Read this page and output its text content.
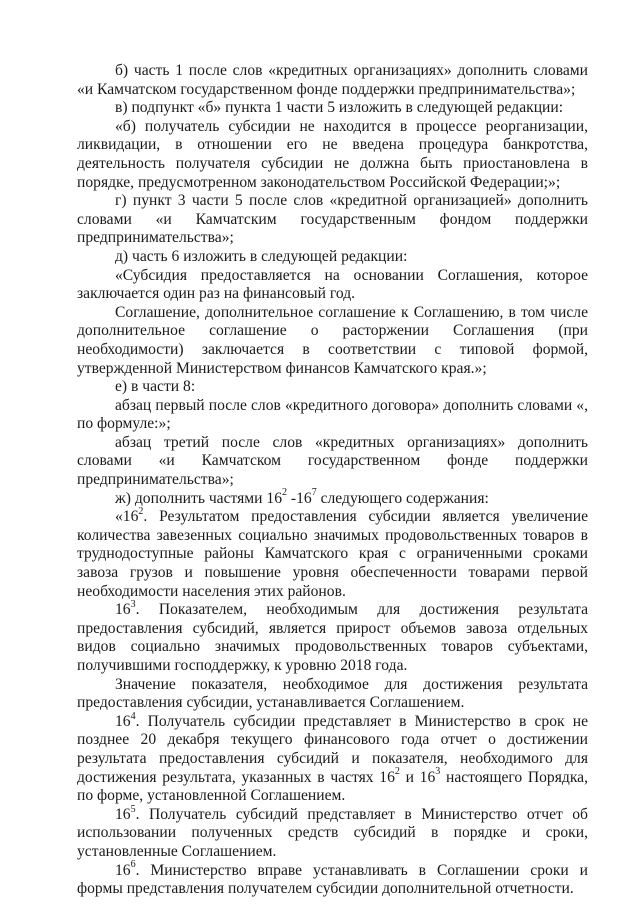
б) часть 1 после слов «кредитных организациях» дополнить словами «и Камчатском государственном фонде поддержки предпринимательства»;

в) подпункт «б» пункта 1 части 5 изложить в следующей редакции:

«б) получатель субсидии не находится в процессе реорганизации, ликвидации, в отношении его не введена процедура банкротства, деятельность получателя субсидии не должна быть приостановлена в порядке, предусмотренном законодательством Российской Федерации;»;

г) пункт 3 части 5 после слов «кредитной организацией» дополнить словами «и Камчатским государственным фондом поддержки предпринимательства»;

д) часть 6 изложить в следующей редакции:

«Субсидия предоставляется на основании Соглашения, которое заключается один раз на финансовый год.

Соглашение, дополнительное соглашение к Соглашению, в том числе дополнительное соглашение о расторжении Соглашения (при необходимости) заключается в соответствии с типовой формой, утвержденной Министерством финансов Камчатского края.»;

е) в части 8:

абзац первый после слов «кредитного договора» дополнить словами «, по формуле:»;

абзац третий после слов «кредитных организациях» дополнить словами «и Камчатском государственном фонде поддержки предпринимательства»;

ж) дополнить частями $16^2$ $-16^7$ следующего содержания:

«$16^2$. Результатом предоставления субсидии является увеличение количества завезенных социально значимых продовольственных товаров в труднодоступные районы Камчатского края с ограниченными сроками завоза грузов и повышение уровня обеспеченности товарами первой необходимости населения этих районов.

$16^3$. Показателем, необходимым для достижения результата предоставления субсидий, является прирост объемов завоза отдельных видов социально значимых продовольственных товаров субъектами, получившими господдержку, к уровню 2018 года.

Значение показателя, необходимое для достижения результата предоставления субсидии, устанавливается Соглашением.

$16^4$. Получатель субсидии представляет в Министерство в срок не позднее 20 декабря текущего финансового года отчет о достижении результата предоставления субсидий и показателя, необходимого для достижения результата, указанных в частях $16^2$ и $16^3$ настоящего Порядка, по форме, установленной Соглашением.

$16^5$. Получатель субсидий представляет в Министерство отчет об использовании полученных средств субсидий в порядке и сроки, установленные Соглашением.

$16^6$. Министерство вправе устанавливать в Соглашении сроки и формы представления получателем субсидии дополнительной отчетности.
